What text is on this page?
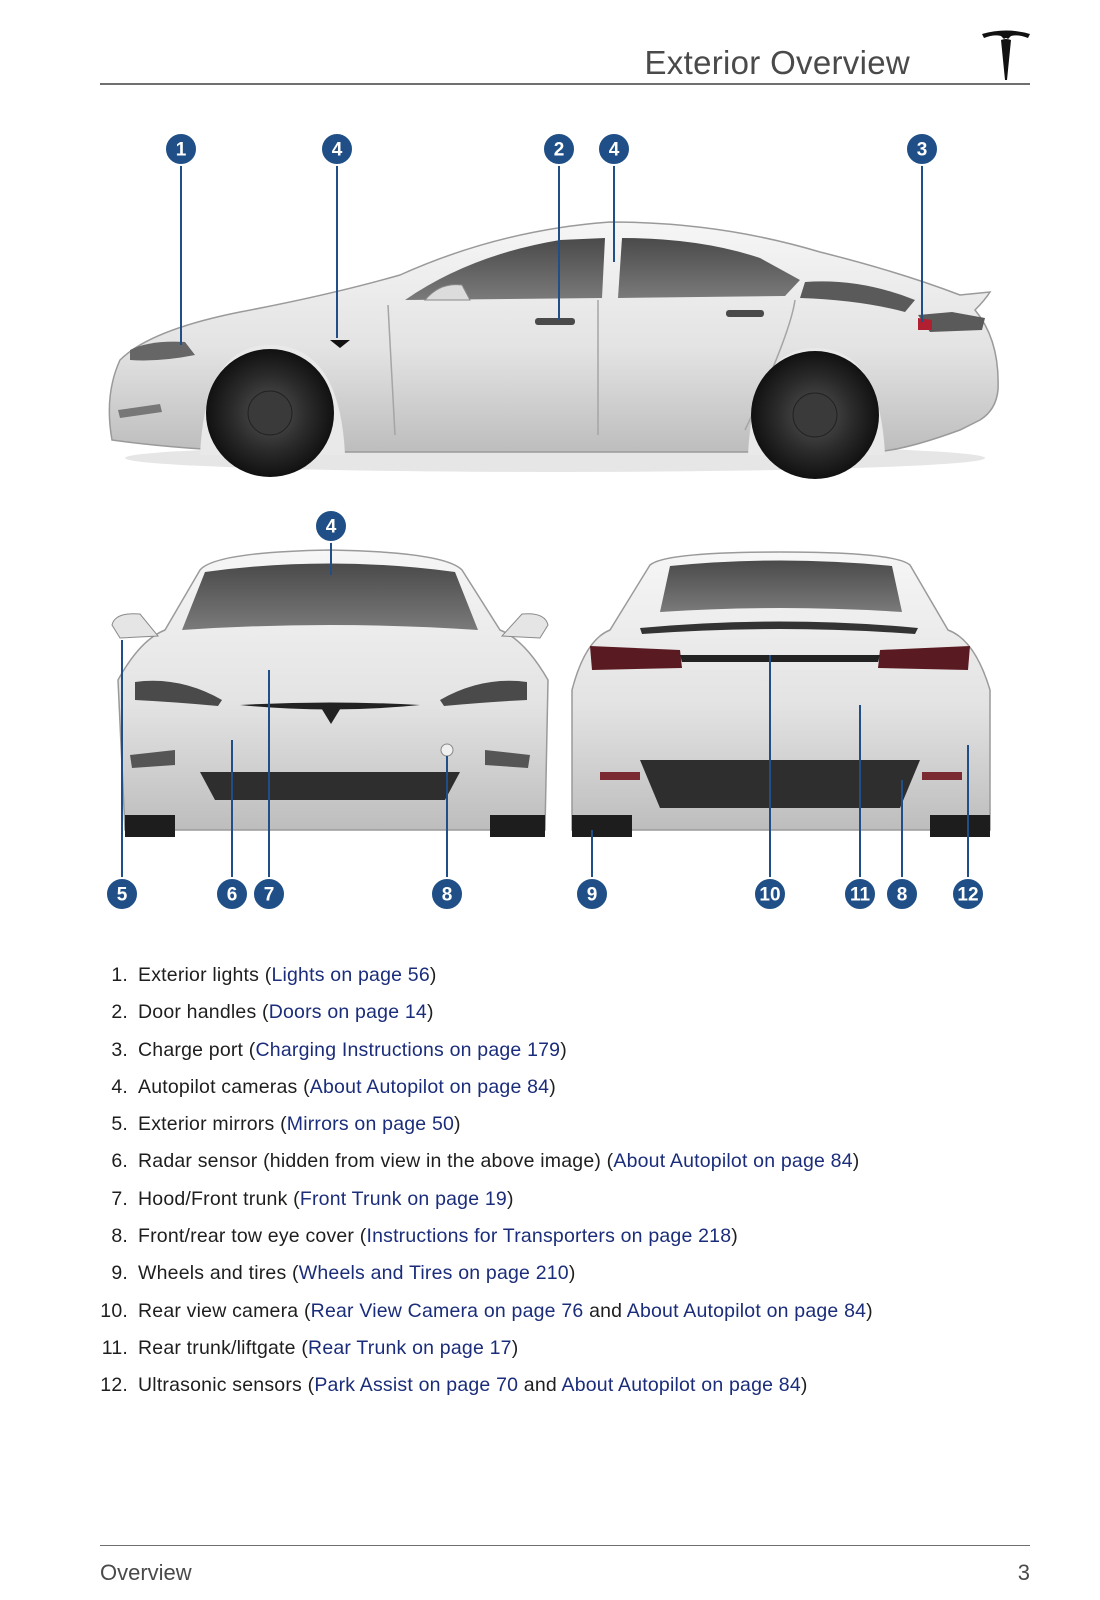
Exterior Overview
1	4	2 4	3
4
5	6 7	8	9	10	11 8	12
1. Exterior lights (Lights on page 56)
2. Door handles (Doors on page 14)
3. Charge port (Charging Instructions on page 179)
4. Autopilot cameras (About Autopilot on page 84)
5. Exterior mirrors (Mirrors on page 50)
6. Radar sensor (hidden from view in the above image) (About Autopilot on page 84)
7. Hood/Front trunk (Front Trunk on page 19)
8. Front/rear tow eye cover (Instructions for Transporters on page 218)
9. Wheels and tires (Wheels and Tires on page 210)
10. Rear view camera (Rear View Camera on page 76 and About Autopilot on page 84)
11. Rear trunk/liftgate (Rear Trunk on page 17)
12. Ultrasonic sensors (Park Assist on page 70 and About Autopilot on page 84)
Overview	3
